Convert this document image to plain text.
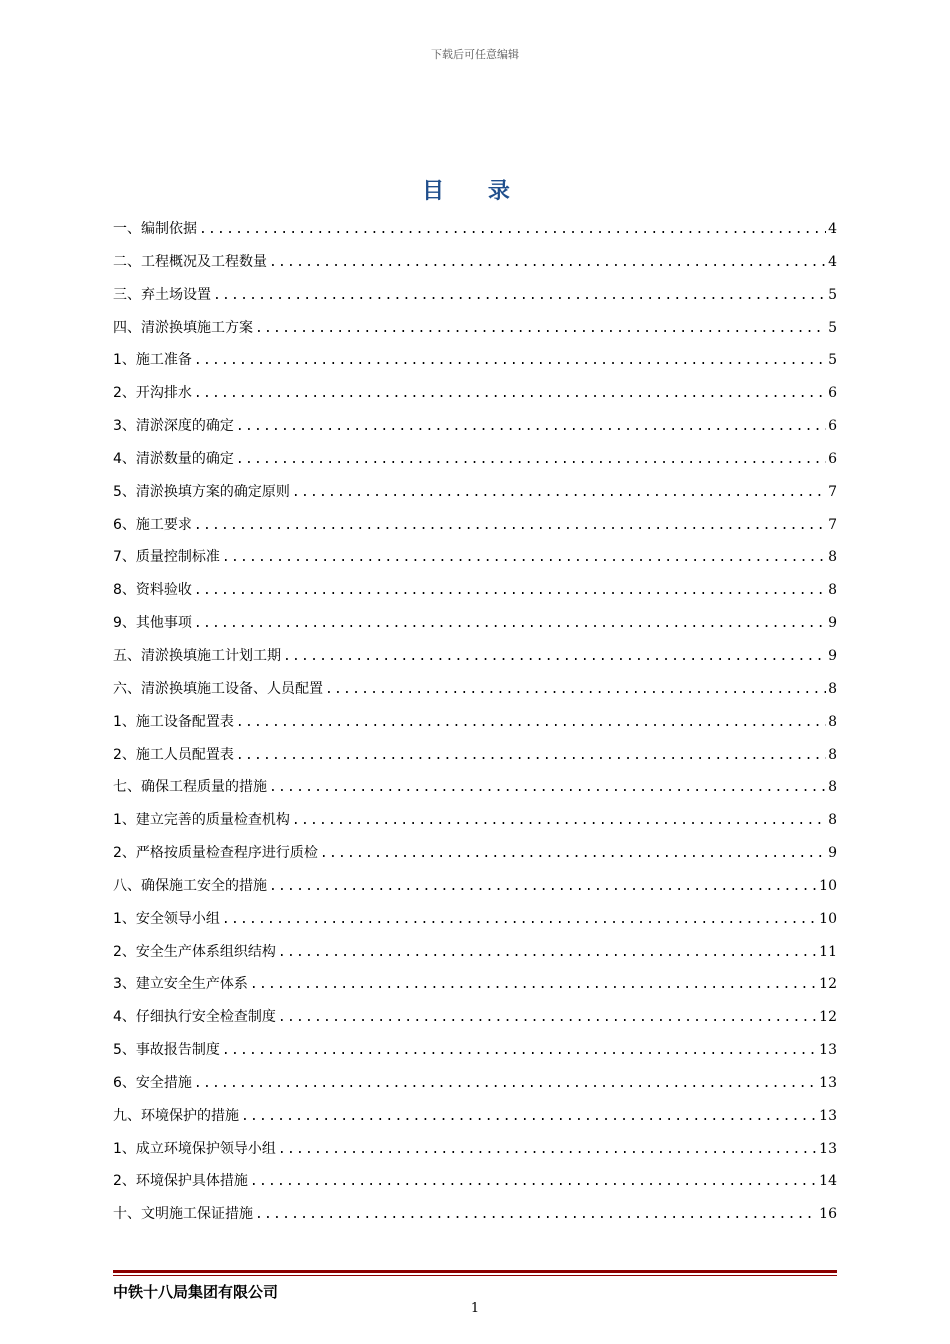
下载后可任意编辑
目 录
一、编制依据 .....	4
二、工程概况及工程数量 .....	4
三、弃土场设置 .....	5
四、清淤换填施工方案 .....	5
1、施工准备 .....	5
2、开沟排水 .....	6
3、清淤深度的确定 .....	6
4、清淤数量的确定 .....	6
5、清淤换填方案的确定原则 .....	7
6、施工要求 .....	7
7、质量控制标准 .....	8
8、资料验收 .....	8
9、其他事项 .....	9
五、清淤换填施工计划工期 .....	9
六、清淤换填施工设备、人员配置 .....	8
1、施工设备配置表 .....	8
2、施工人员配置表 .....	8
七、确保工程质量的措施 .....	8
1、建立完善的质量检查机构 .....	8
2、严格按质量检查程序进行质检 .....	9
八、确保施工安全的措施 .....	10
1、安全领导小组 .....	10
2、安全生产体系组织结构 .....	11
3、建立安全生产体系 .....	12
4、仔细执行安全检查制度 .....	12
5、事故报告制度 .....	13
6、安全措施 .....	13
九、环境保护的措施 .....	13
1、成立环境保护领导小组 .....	13
2、环境保护具体措施 .....	14
十、文明施工保证措施 .....	16
中铁十八局集团有限公司
1
